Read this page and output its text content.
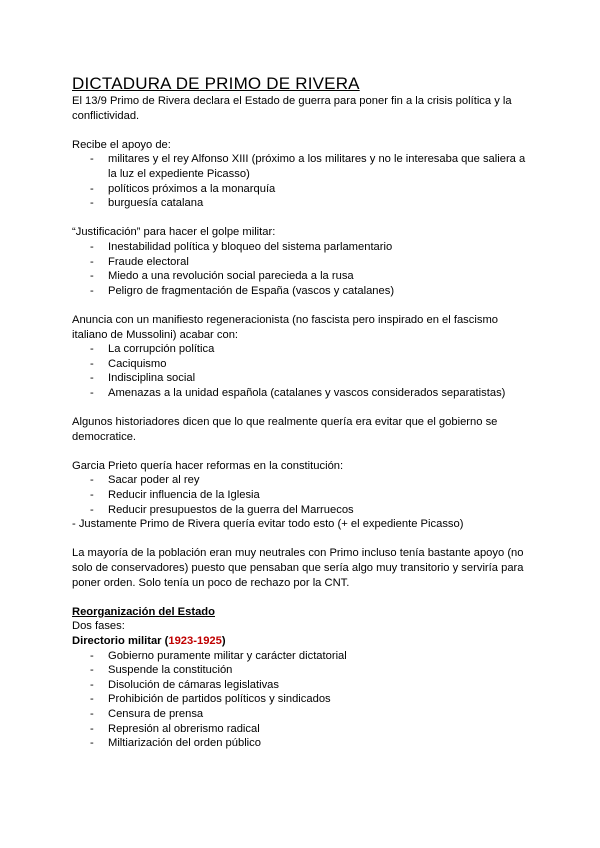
DICTADURA DE PRIMO DE RIVERA

El 13/9 Primo de Rivera declara el Estado de guerra para poner fin a la crisis política y la conflictividad.

Recibe el apoyo de:

- militares y el rey Alfonso XIII (próximo a los militares y no le interesaba que saliera a la luz el expediente Picasso)
- políticos próximos a la monarquía
- burguesía catalana

“Justificación” para hacer el golpe militar:

- Inestabilidad política y bloqueo del sistema parlamentario
- Fraude electoral
- Miedo a una revolución social parecieda a la rusa
- Peligro de fragmentación de España (vascos y catalanes)

Anuncia con un manifiesto regeneracionista (no fascista pero inspirado en el fascismo italiano de Mussolini) acabar con:

- La corrupción política
- Caciquismo
- Indisciplina social
- Amenazas a la unidad española (catalanes y vascos considerados separatistas)

Algunos historiadores dicen que lo que realmente quería era evitar que el gobierno se democratice.

Garcia Prieto quería hacer reformas en la constitución:

- Sacar poder al rey
- Reducir influencia de la Iglesia
- Reducir presupuestos de la guerra del Marruecos

- Justamente Primo de Rivera quería evitar todo esto (+ el expediente Picasso)

La mayoría de la población eran muy neutrales con Primo incluso tenía bastante apoyo (no solo de conservadores) puesto que pensaban que sería algo muy transitorio y serviría para poner orden. Solo tenía un poco de rechazo por la CNT.

Reorganización del Estado

Dos fases:

Directorio militar (1923-1925)

- Gobierno puramente militar y carácter dictatorial
- Suspende la constitución
- Disolución de cámaras legislativas
- Prohibición de partidos políticos y sindicados
- Censura de prensa
- Represión al obrerismo radical
- Miltiarización del orden público
